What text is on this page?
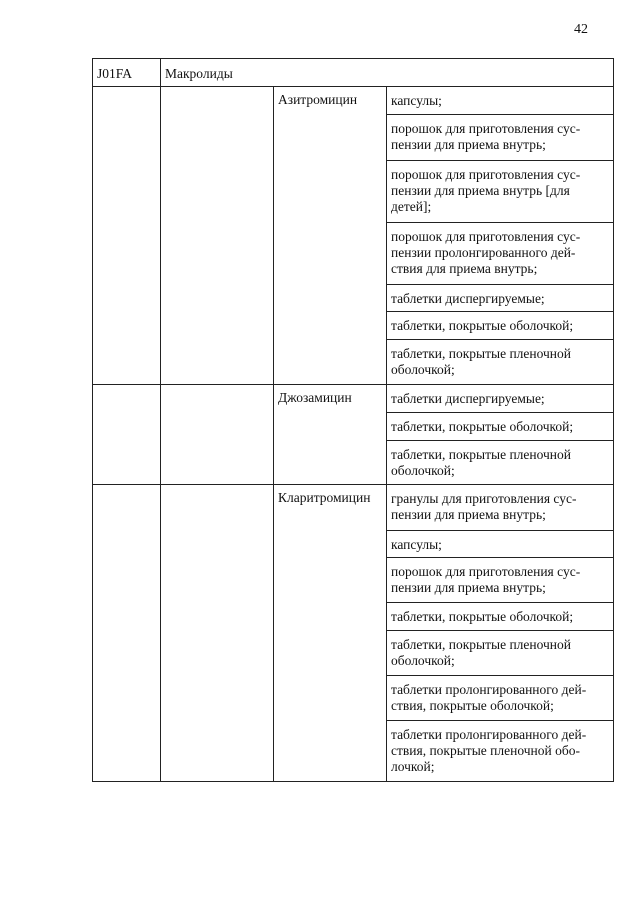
42
J01FA	Макролиды		
		Азитромицин	капсулы;
			порошок для приготовления сус-
пензии для приема внутрь;
			порошок для приготовления сус-
пензии для приема внутрь [для
детей];
			порошок для приготовления сус-
пензии пролонгированного дей-
ствия для приема внутрь;
			таблетки диспергируемые;
			таблетки, покрытые оболочкой;
			таблетки, покрытые пленочной
оболочкой;
		Джозамицин	таблетки диспергируемые;
			таблетки, покрытые оболочкой;
			таблетки, покрытые пленочной
оболочкой;
		Кларитромицин	гранулы для приготовления сус-
пензии для приема внутрь;
			капсулы;
			порошок для приготовления сус-
пензии для приема внутрь;
			таблетки, покрытые оболочкой;
			таблетки, покрытые пленочной
оболочкой;
			таблетки пролонгированного дей-
ствия, покрытые оболочкой;
			таблетки пролонгированного дей-
ствия, покрытые пленочной обо-
лочкой;
